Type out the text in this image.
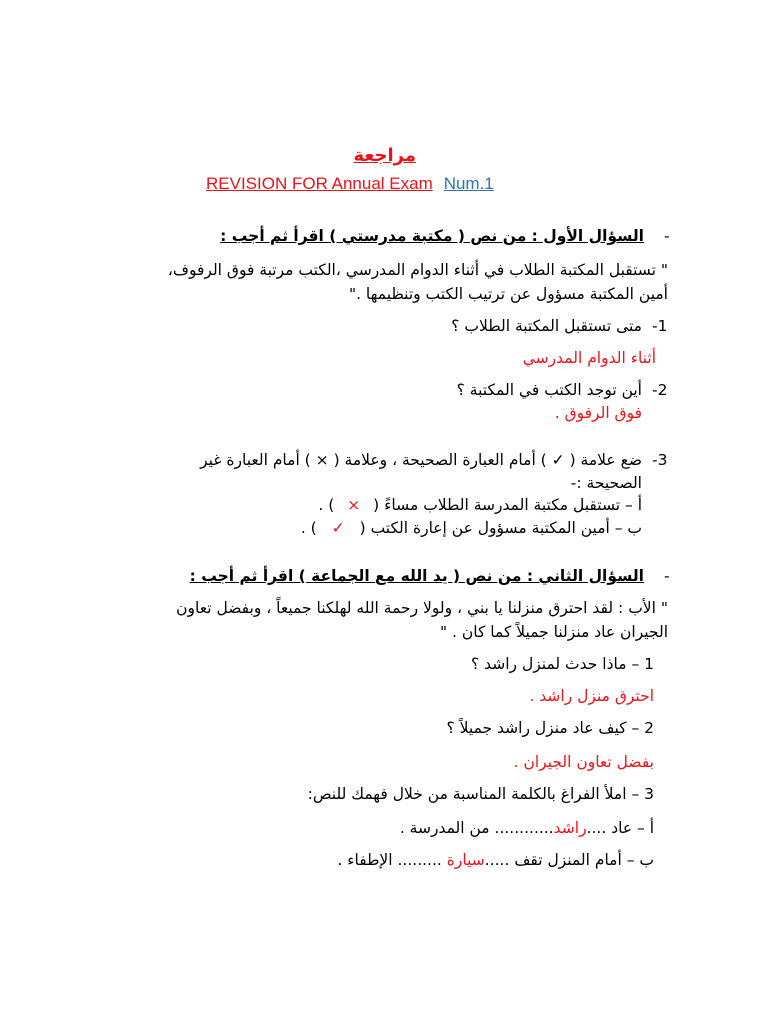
مراجعة
REVISION FOR Annual Exam Num.1
-
السؤال الأول : من نص ( مكتبة مدرستي ) اقرأ ثم أجب :
" تستقبل المكتبة الطلاب في أثناء الدوام المدرسي ،الكتب مرتبة فوق الرفوف،
أمين المكتبة مسؤول عن ترتيب الكتب وتنظيمها ."
-1
متى تستقبل المكتبة الطلاب ؟
أثناء الدوام المدرسي
-2
أين توجد الكتب في المكتبة ؟
فوق الرفوق .
-3
ضع علامة ( ✓ ) أمام العبارة الصحيحة ، وعلامة ( × ) أمام العبارة غير
الصحيحة :-
أ – تستقبل مكتبة المدرسة الطلاب مساءً ( × ) .
ب – أمين المكتبة مسؤول عن إعارة الكتب ( ✓ ) .
-
السؤال الثاني : من نص ( يد الله مع الجماعة ) اقرأ ثم أجب :
" الأب : لقد احترق منزلنا يا بني ، ولولا رحمة الله لهلكنا جميعاً ، وبفضل تعاون
الجيران عاد منزلنا جميلاً كما كان . "
1 – ماذا حدث لمنزل راشد ؟
احترق منزل راشد .
2 – كيف عاد منزل راشد جميلاً ؟
بفضل تعاون الجيران .
3 – املأ الفراغ بالكلمة المناسبة من خلال فهمك للنص:
أ – عاد ....راشد............ من المدرسة .
ب – أمام المنزل تقف .....سيارة ......... الإطفاء .
